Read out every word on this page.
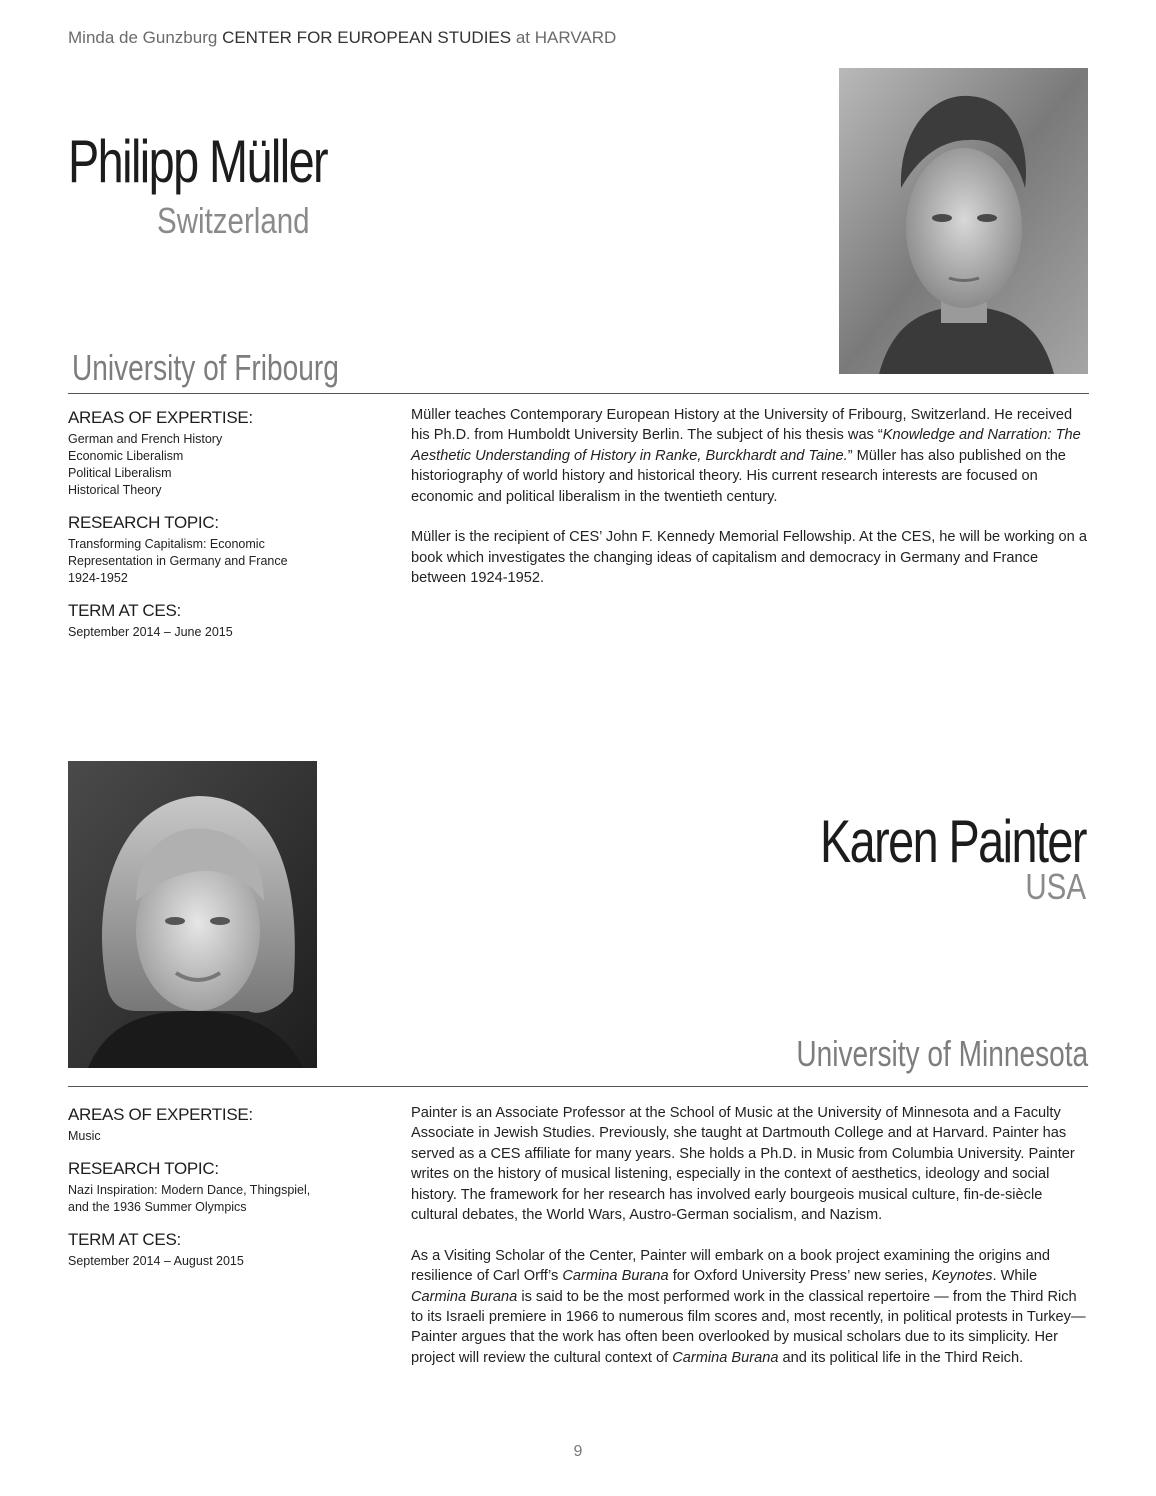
Minda de Gunzburg CENTER FOR EUROPEAN STUDIES at HARVARD
Philipp Müller
Switzerland
University of Fribourg
AREAS OF EXPERTISE:
German and French History
Economic Liberalism
Political Liberalism
Historical Theory
RESEARCH TOPIC:
Transforming Capitalism: Economic
Representation in Germany and France
1924-1952
TERM AT CES:
September 2014 – June 2015

Müller teaches Contemporary European History at the University of Fribourg, Switzerland. He received his Ph.D. from Humboldt University Berlin. The subject of his thesis was “Knowledge and Narration: The Aesthetic Understanding of History in Ranke, Burckhardt and Taine.” Müller has also published on the historiography of world history and historical theory. His current research interests are focused on economic and political liberalism in the twentieth century.

Müller is the recipient of CES’ John F. Kennedy Memorial Fellowship. At the CES, he will be working on a book which investigates the changing ideas of capitalism and democracy in Germany and France between 1924-1952.

Karen Painter
USA
University of Minnesota
AREAS OF EXPERTISE:
Music
RESEARCH TOPIC:
Nazi Inspiration: Modern Dance, Thingspiel,
and the 1936 Summer Olympics
TERM AT CES:
September 2014 – August 2015

Painter is an Associate Professor at the School of Music at the University of Minnesota and a Faculty Associate in Jewish Studies. Previously, she taught at Dartmouth College and at Harvard. Painter has served as a CES affiliate for many years. She holds a Ph.D. in Music from Columbia University. Painter writes on the history of musical listening, especially in the context of aesthetics, ideology and social history. The framework for her research has involved early bourgeois musical culture, fin-de-siècle cultural debates, the World Wars, Austro-German socialism, and Nazism.

As a Visiting Scholar of the Center, Painter will embark on a book project examining the origins and resilience of Carl Orff’s Carmina Burana for Oxford University Press’ new series, Keynotes. While Carmina Burana is said to be the most performed work in the classical repertoire — from the Third Rich to its Israeli premiere in 1966 to numerous film scores and, most recently, in political protests in Turkey— Painter argues that the work has often been overlooked by musical scholars due to its simplicity. Her project will review the cultural context of Carmina Burana and its political life in the Third Reich.

9
